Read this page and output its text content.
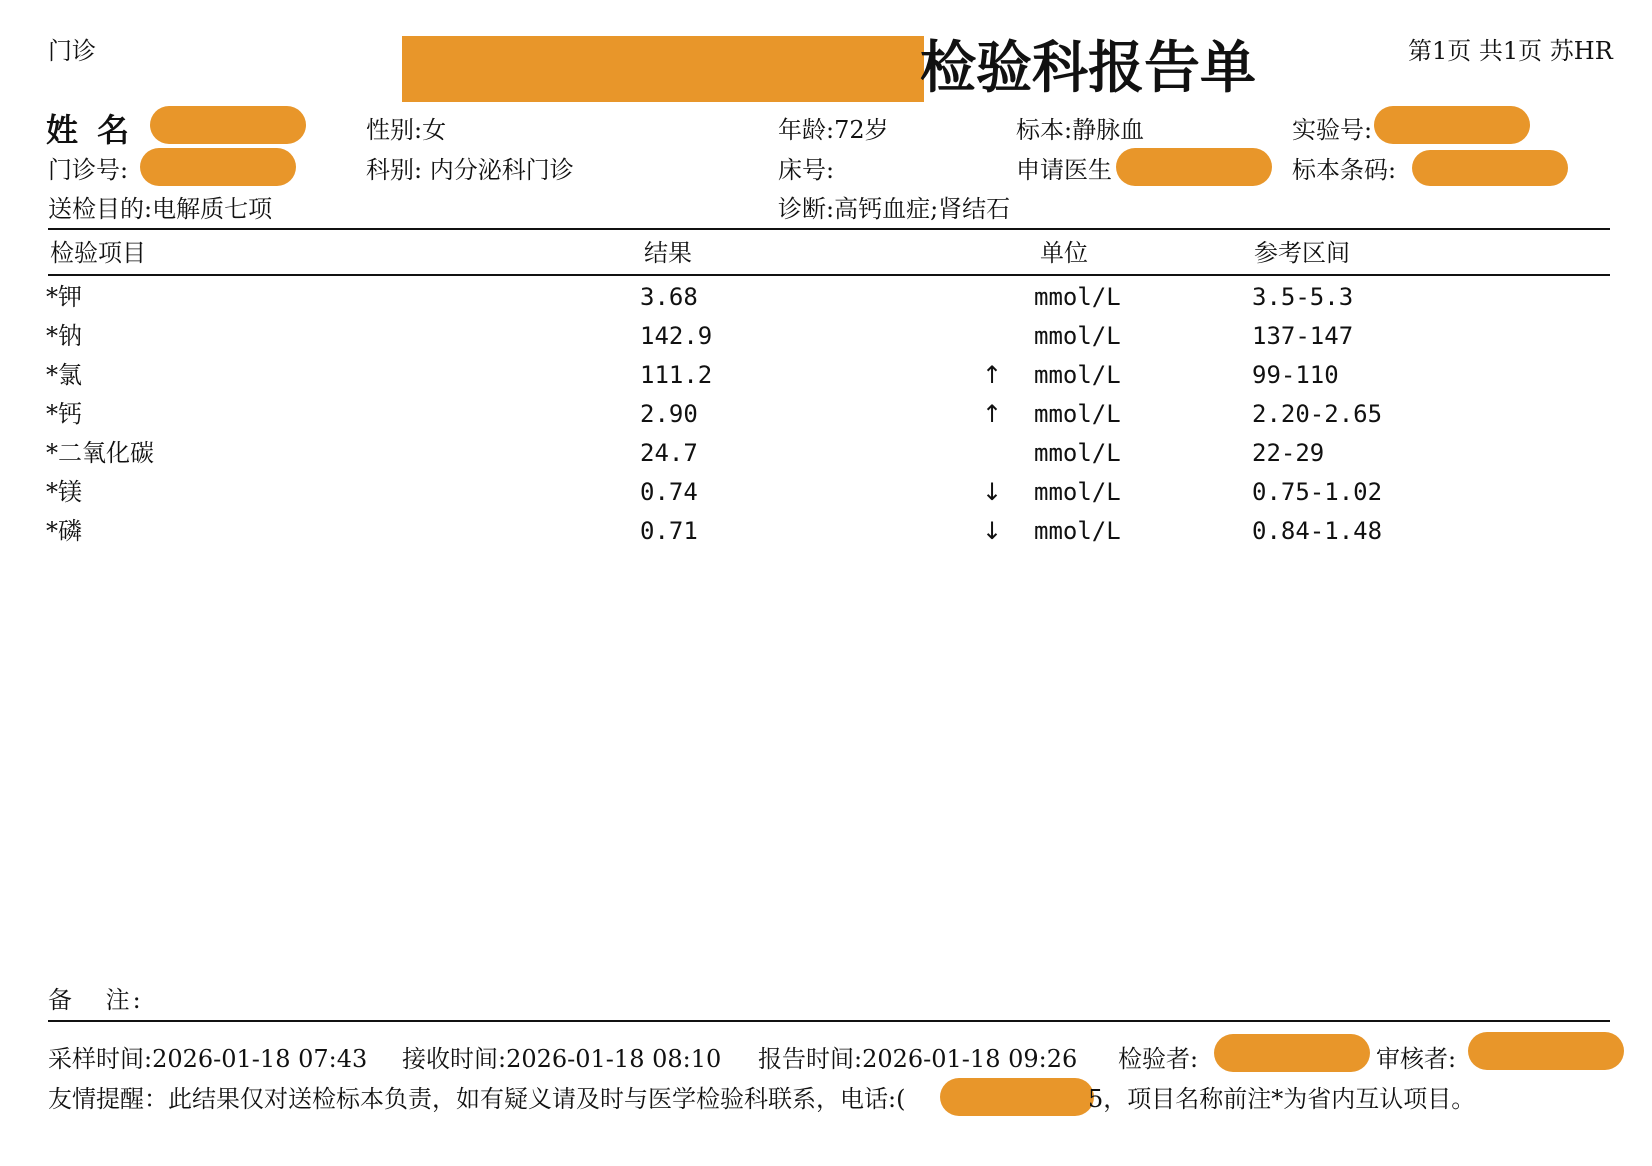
门诊	检验科报告单	第1页 共1页 苏HR
姓 名	性别:女	年龄:72岁	标本:静脉血	实验号:
门诊号:	科别: 内分泌科门诊	床号:	申请医生	标本条码:
送检目的:电解质七项	诊断:高钙血症;肾结石
检验项目	结果	单位	参考区间
*钾	3.68	mmol/L	3.5-5.3
*钠	142.9	mmol/L	137-147
*氯	111.2	↑ mmol/L	99-110
*钙	2.90	↑ mmol/L	2.20-2.65
*二氧化碳	24.7	mmol/L	22-29
*镁	0.74	↓ mmol/L	0.75-1.02
*磷	0.71	↓ mmol/L	0.84-1.48
备 注:
采样时间:2026-01-18 07:43 接收时间:2026-01-18 08:10 报告时间:2026-01-18 09:26 检验者:	审核者:
友情提醒：此结果仅对送检标本负责，如有疑义请及时与医学检验科联系，电话:(	5，项目名称前注*为省内互认项目。
